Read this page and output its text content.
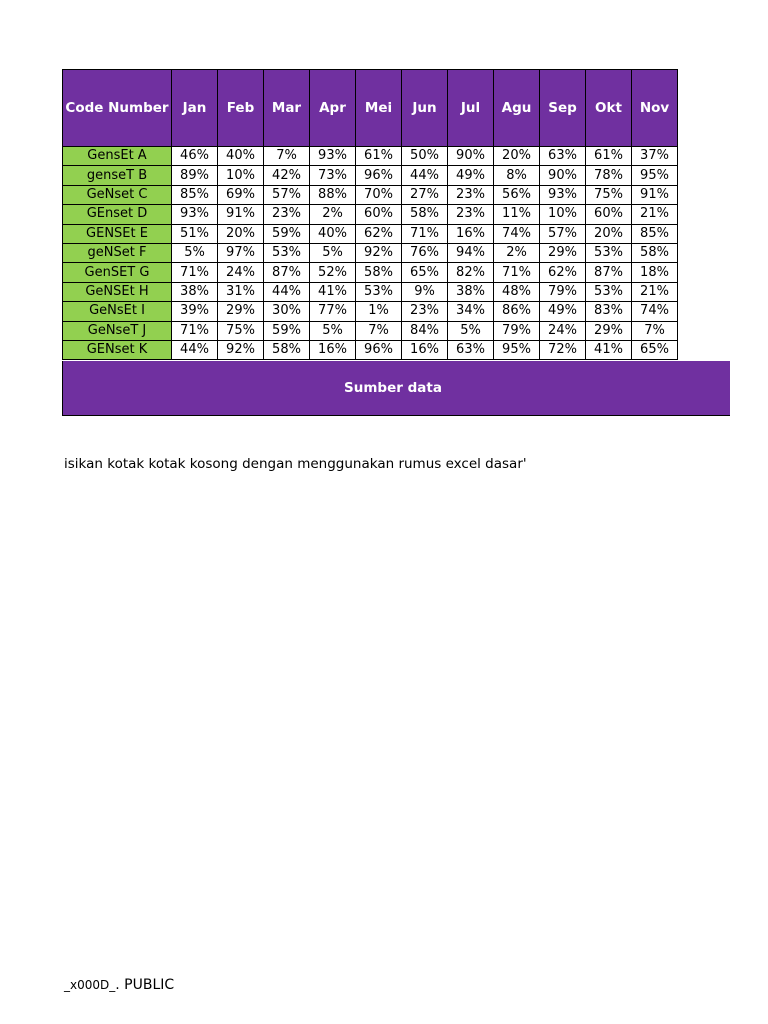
Code Number	Jan	Feb	Mar	Apr	Mei	Jun	Jul	Agu	Sep	Okt	Nov
GensEt A	46%	40%	7%	93%	61%	50%	90%	20%	63%	61%	37%
genseT B	89%	10%	42%	73%	96%	44%	49%	8%	90%	78%	95%
GeNset C	85%	69%	57%	88%	70%	27%	23%	56%	93%	75%	91%
GEnset D	93%	91%	23%	2%	60%	58%	23%	11%	10%	60%	21%
GENSEt E	51%	20%	59%	40%	62%	71%	16%	74%	57%	20%	85%
geNSet F	5%	97%	53%	5%	92%	76%	94%	2%	29%	53%	58%
GenSET G	71%	24%	87%	52%	58%	65%	82%	71%	62%	87%	18%
GeNSEt H	38%	31%	44%	41%	53%	9%	38%	48%	79%	53%	21%
GeNsEt I	39%	29%	30%	77%	1%	23%	34%	86%	49%	83%	74%
GeNseT J	71%	75%	59%	5%	7%	84%	5%	79%	24%	29%	7%
GENset K	44%	92%	58%	16%	96%	16%	63%	95%	72%	41%	65%
Sumber data
isikan kotak kotak kosong dengan menggunakan rumus excel dasar'
_x000D_. PUBLIC
